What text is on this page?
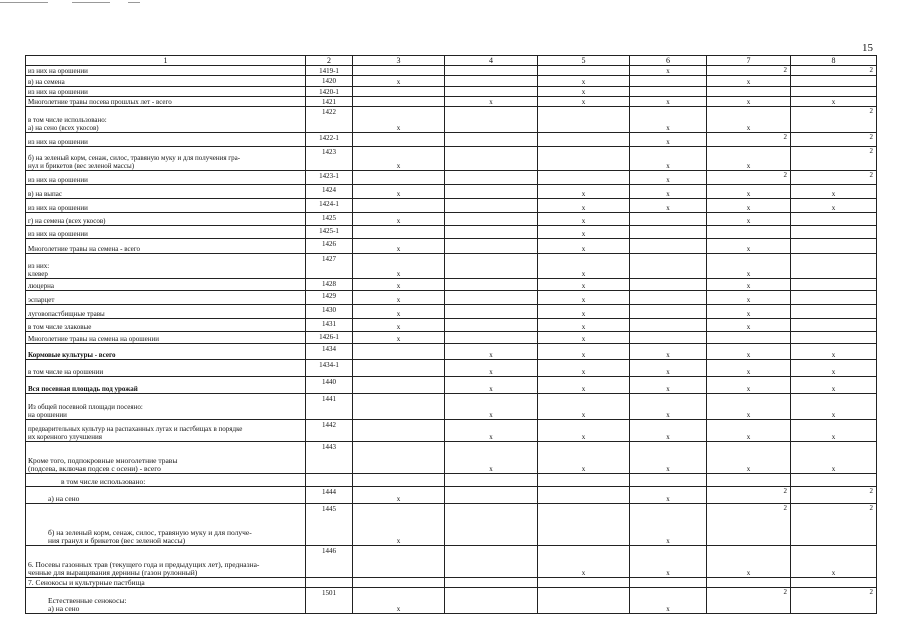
15
1	2	3	4	5	6	7	8
из них на орошении	1419-1				x	2	2
в) на семена	1420	x		x		x	
из них на орошении	1420-1			x			
Многолетние травы посева прошлых лет - всего	1421		x	x	x	x	x
в том числе использовано:
а) на сено (всех укосов)	1422	x			x	x	2
из них на орошении	1422-1				x	2	2
б) на зеленый корм, сенаж, силос, травяную муку и для получения гра-
нул и брикетов (вес зеленой массы)	1423	x			x	x	2
из них на орошении	1423-1				x	2	2
в) на выпас	1424	x		x	x	x	x
из них на орошении	1424-1			x	x	x	x
г) на семена (всех укосов)	1425	x		x		x	
из них на орошении	1425-1			x			
Многолетние травы на семена - всего	1426	x		x		x	
из них:
клевер	1427	x		x		x	
люцерна	1428	x		x		x	
эспарцет	1429	x		x		x	
луговопастбищные травы	1430	x		x		x	
в том числе злаковые	1431	x		x		x	
Многолетние травы на семена на орошении	1426-1	x		x			
Кормовые культуры - всего	1434		x	x	x	x	x
в том числе на орошении	1434-1		x	x	x	x	x
Вся посевная площадь под урожай	1440		x	x	x	x	x
Из общей посевной площади посеяно:
на орошении	1441		x	x	x	x	x
предварительных культур на распаханных лугах и пастбищах в порядке
их коренного улучшения	1442		x	x	x	x	x
Кроме того, подпокровные многолетние травы
(подсева, включая подсев с осени) - всего	1443		x	x	x	x	x
в том числе использовано:							
а) на сено	1444	x			x	2	2
б) на зеленый корм, сенаж, силос, травяную муку и для получе-
ния гранул и брикетов (вес зеленой массы)	1445	x			x	2	2
6. Посевы газонных трав (текущего года и предыдущих лет), предназна-
ченные для выращивания дернины (газон рулонный)	1446			x	x	x	x
7. Сенокосы и культурные пастбища							
Естественные сенокосы:
а) на сено	1501	x			x	2	2
